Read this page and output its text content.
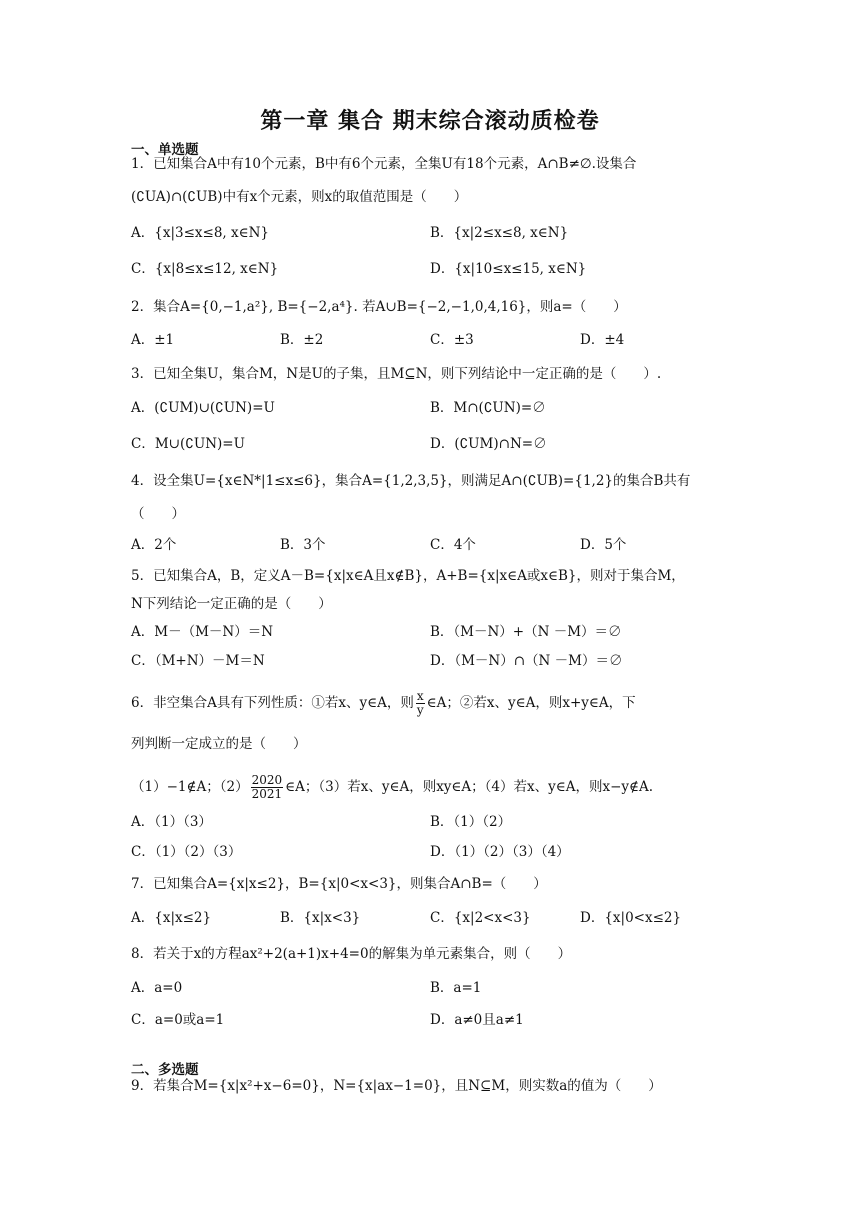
第一章 集合 期末综合滚动质检卷
一、单选题
1．已知集合A中有10个元素，B中有6个元素，全集U有18个元素，A∩B≠∅.设集合
(∁UA)∩(∁UB)中有x个元素，则x的取值范围是（　　）
A．{x|3≤x≤8, x∈N}	B．{x|2≤x≤8, x∈N}
C．{x|8≤x≤12, x∈N}	D．{x|10≤x≤15, x∈N}
2．集合A={0,−1,a²}, B={−2,a⁴}. 若A∪B={−2,−1,0,4,16}，则a=（　　）
A．±1	B．±2	C．±3	D．±4
3．已知全集U，集合M，N是U的子集，且M⊆N，则下列结论中一定正确的是（　　）.
A．(∁UM)∪(∁UN)=U	B．M∩(∁UN)=∅
C．M∪(∁UN)=U	D．(∁UM)∩N=∅
4．设全集U={x∈N*|1≤x≤6}，集合A={1,2,3,5}，则满足A∩(∁UB)={1,2}的集合B共有
（　　）
A．2个	B．3个	C．4个	D．5个
5．已知集合A，B，定义A－B={x|x∈A且x∉B}，A+B={x|x∈A或x∈B}，则对于集合M，
N下列结论一定正确的是（　　）
A．M－（M－N）＝N	B．（M－N）+（N －M）＝∅
C．（M+N）－M＝N	D．（M－N）∩（N －M）＝∅
6．非空集合A具有下列性质：①若x、y∈A，则 $\frac{x}{y}$ ∈A；②若x、y∈A，则x+y∈A，下
列判断一定成立的是（　　）
（1）−1∉A；$(2) \frac{2020}{2021}$ ∈A；（3）若x、y∈A，则xy∈A；（4）若x、y∈A，则x−y∉A.
A．（1）（3）	B．（1）（2）
C．（1）（2）（3）	D．（1）（2）（3）（4）
7．已知集合A={x|x≤2}，B={x|0<x<3}，则集合A∩B=（　　）
A．{x|x≤2}	B．{x|x<3}	C．{x|2<x<3}	D．{x|0<x≤2}
8．若关于x的方程ax²+2(a+1)x+4=0的解集为单元素集合，则（　　）
A．a=0	B．a=1
C．a=0或a=1	D．a≠0且a≠1
二、多选题
9．若集合M={x|x²+x−6=0}，N={x|ax−1=0}，且N⊆M，则实数a的值为（　　）
